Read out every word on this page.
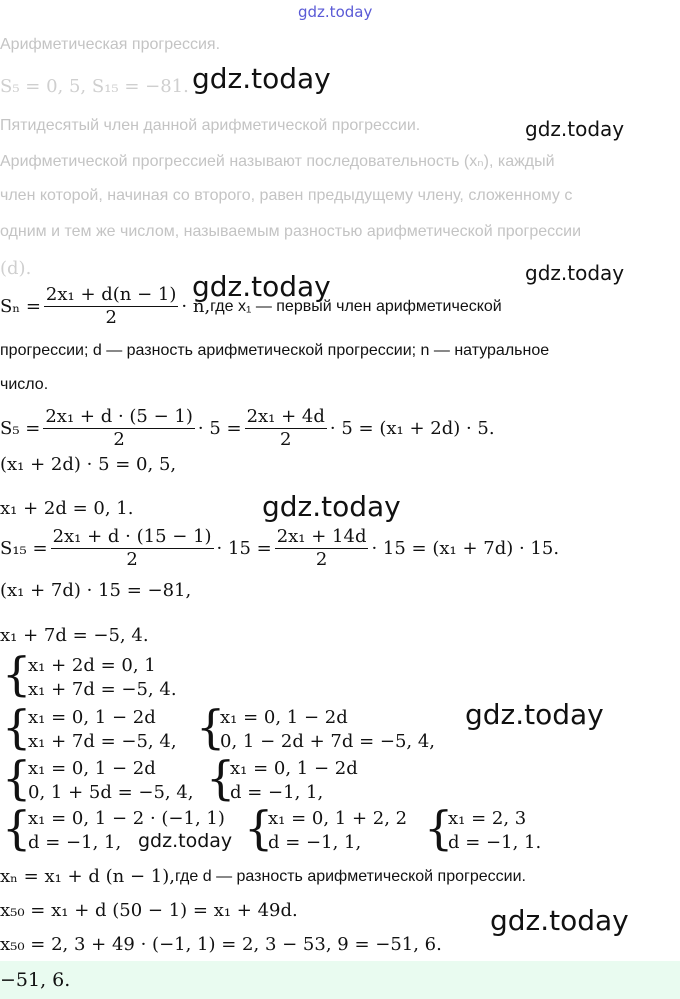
gdz.today
gdz.today
gdz.today
gdz.today
gdz.today
gdz.today
gdz.today
gdz.today
gdz.today
Арифметическая прогрессия.
S₅ = 0, 5, S₁₅ = −81.
Пятидесятый член данной арифметической прогрессии.
Арифметической прогрессией называют последовательность (xₙ), каждый
член которой, начиная со второго, равен предыдущему члену, сложенному с
одним и тем же числом, называемым разностью арифметической прогрессии
(d).
$S_n = \frac{\text{2x₁ + d(n − 1)}}{2} \cdot n$, где x₁ — первый член арифметической
прогрессии; d — разность арифметической прогрессии; n — натуральное
число.
$S_5 = \frac{\text{2x₁ + d · (5 − 1)}}{2} \cdot 5 = \frac{\text{2x₁ + 4d}}{2} \cdot 5 = (x_1 + 2d) \cdot 5$.
(x₁ + 2d) · 5 = 0, 5,
x₁ + 2d = 0, 1.
$S_{15} = \frac{\text{2x₁ + d · (15 − 1)}}{2} \cdot 15 = \frac{\text{2x₁ + 14d}}{2} \cdot 15 = (x_1 + 7d) \cdot 15$.
(x₁ + 7d) · 15 = −81,
x₁ + 7d = −5, 4.
{
x₁ + 2d = 0, 1
x₁ + 7d = −5, 4.
{
x₁ = 0, 1 − 2d
x₁ + 7d = −5, 4, {
x₁ = 0, 1 − 2d
0, 1 − 2d + 7d = −5, 4,
{
x₁ = 0, 1 − 2d
0, 1 + 5d = −5, 4, {
x₁ = 0, 1 − 2d
d = −1, 1,
{
x₁ = 0, 1 − 2 · (−1, 1)
d = −1, 1,	{
x₁ = 0, 1 + 2, 2
d = −1, 1,	{
x₁ = 2, 3
d = −1, 1.
xₙ = x₁ + d (n − 1), где d — разность арифметической прогрессии.
x₅₀ = x₁ + d (50 − 1) = x₁ + 49d.
x₅₀ = 2, 3 + 49 · (−1, 1) = 2, 3 − 53, 9 = −51, 6.
−51, 6.
